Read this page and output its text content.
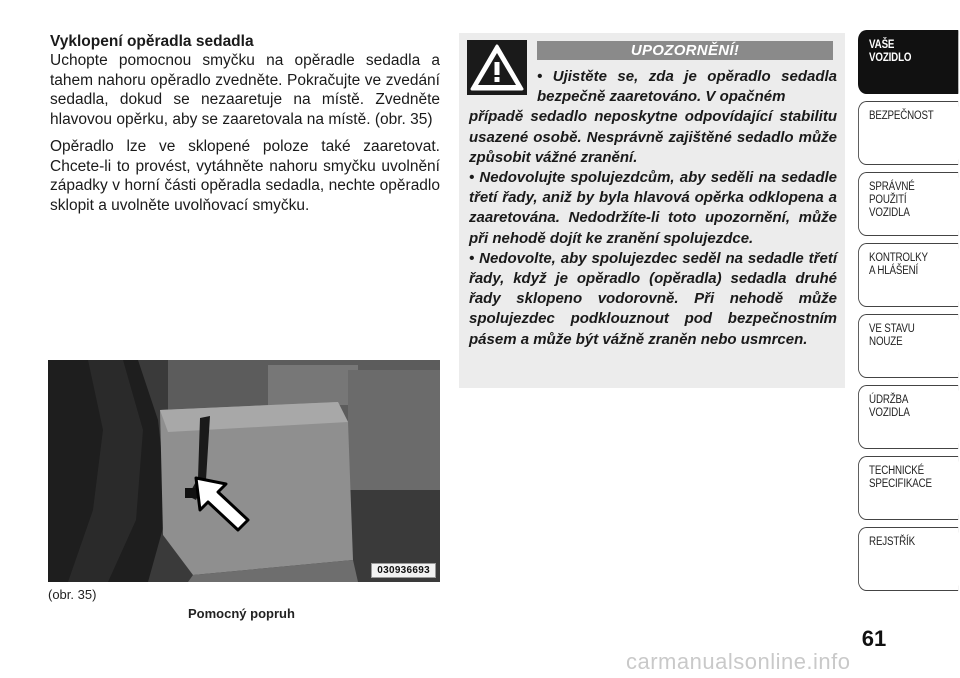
Vyklopení opěradla sedadla

Uchopte pomocnou smyčku na opěradle sedadla a tahem nahoru opěradlo zvedněte. Pokračujte ve zvedání sedadla, dokud se nezaaretuje na místě. Zvedněte hlavovou opěrku, aby se zaaretovala na místě. (obr. 35)

Opěradlo lze ve sklopené poloze také zaaretovat. Chcete-li to provést, vytáhněte nahoru smyčku uvolnění západky v horní části opěradla sedadla, nechte opěradlo sklopit a uvolněte uvolňovací smyčku.

030936693
(obr. 35)
Pomocný popruh
UPOZORNĚNÍ!
• Ujistěte se, zda je opěradlo sedadla bezpečně zaaretováno. V opačném
případě sedadlo neposkytne odpovídající stabilitu usazené osobě. Nesprávně zajištěné sedadlo může způsobit vážné zranění.
• Nedovolujte spolujezdcům, aby seděli na sedadle třetí řady, aniž by byla hlavová opěrka odklopena a zaaretována. Nedodržíte-li toto upozornění, může při nehodě dojít ke zranění spolujezdce.
• Nedovolte, aby spolujezdec seděl na sedadle třetí řady, když je opěradlo (opěradla) sedadla druhé řady sklopeno vodorovně. Při nehodě může spolujezdec podklouznout pod bezpečnostním pásem a může být vážně zraněn nebo usmrcen.
VAŠE
VOZIDLO
BEZPEČNOST
SPRÁVNÉ
POUŽITÍ
VOZIDLA
KONTROLKY
A HLÁŠENÍ
VE STAVU
NOUZE
ÚDRŽBA
VOZIDLA
TECHNICKÉ
SPECIFIKACE
REJSTŘÍK
61
carmanualsonline.info
